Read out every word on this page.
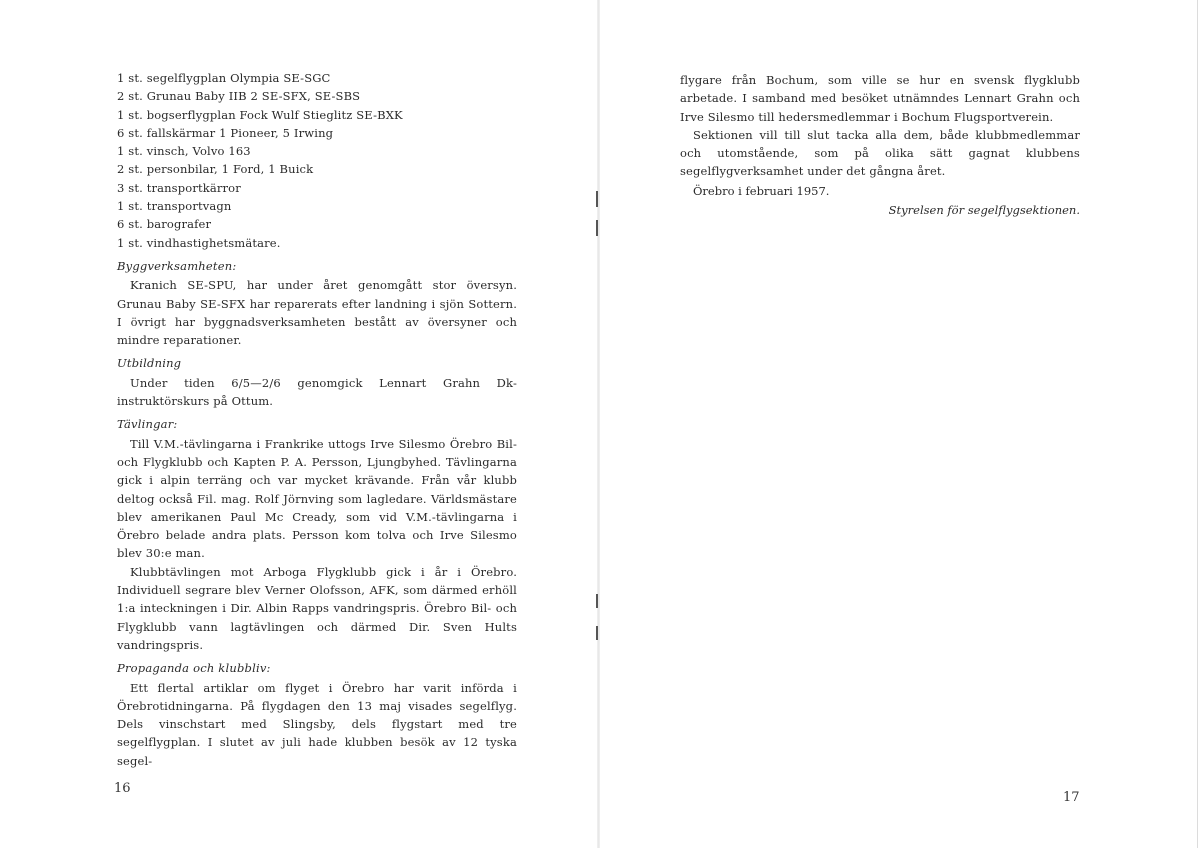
1 st. segelflygplan Olympia SE-SGC
2 st. Grunau Baby IIB 2 SE-SFX, SE-SBS
1 st. bogserflygplan Fock Wulf Stieglitz SE-BXK
6 st. fallskärmar 1 Pioneer, 5 Irwing
1 st. vinsch, Volvo 163
2 st. personbilar, 1 Ford, 1 Buick
3 st. transportkärror
1 st. transportvagn
6 st. barografer
1 st. vindhastighetsmätare.
Byggverksamheten:

Kranich SE-SPU, har under året genomgått stor översyn. Grunau Baby SE-SFX har reparerats efter landning i sjön Sottern. I övrigt har byggnadsverksamheten bestått av översyner och mindre reparationer.

Utbildning

Under tiden 6/5—2/6 genomgick Lennart Grahn Dk-instruktörskurs på Ottum.

Tävlingar:

Till V.M.-tävlingarna i Frankrike uttogs Irve Silesmo Örebro Bil- och Flygklubb och Kapten P. A. Persson, Ljungbyhed. Tävlingarna gick i alpin terräng och var mycket krävande. Från vår klubb deltog också Fil. mag. Rolf Jörnving som lagledare. Världsmästare blev amerikanen Paul Mc Cready, som vid V.M.-tävlingarna i Örebro belade andra plats. Persson kom tolva och Irve Silesmo blev 30:e man.

Klubbtävlingen mot Arboga Flygklubb gick i år i Örebro. Individuell segrare blev Verner Olofsson, AFK, som därmed erhöll 1:a inteckningen i Dir. Albin Rapps vandringspris. Örebro Bil- och Flygklubb vann lagtävlingen och därmed Dir. Sven Hults vandringspris.

Propaganda och klubbliv:

Ett flertal artiklar om flyget i Örebro har varit införda i Örebrotidningarna. På flygdagen den 13 maj visades segelflyg. Dels vinschstart med Slingsby, dels flygstart med tre segelflygplan. I slutet av juli hade klubben besök av 12 tyska segel-

16

flygare från Bochum, som ville se hur en svensk flygklubb arbetade. I samband med besöket utnämndes Lennart Grahn och Irve Silesmo till hedersmedlemmar i Bochum Flugsportverein.

Sektionen vill till slut tacka alla dem, både klubbmedlemmar och utomstående, som på olika sätt gagnat klubbens segelflygverksamhet under det gångna året.

Örebro i februari 1957.
Styrelsen för segelflygsektionen.
17
